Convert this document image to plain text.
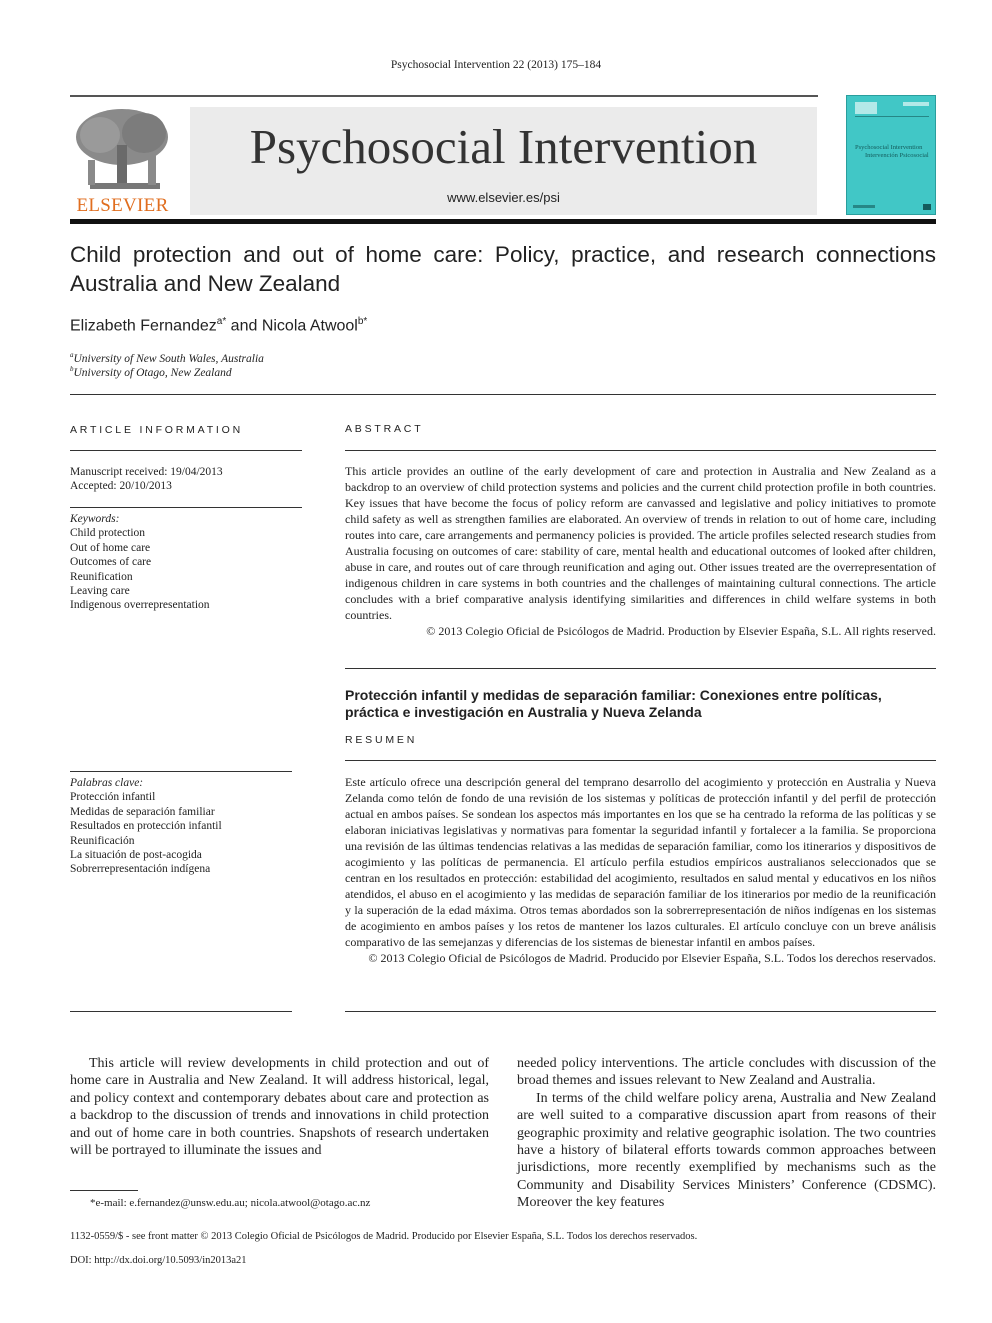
Psychosocial Intervention 22 (2013) 175–184
ELSEVIER
Psychosocial Intervention
www.elsevier.es/psi
Psychosocial Intervention
Intervención Psicosocial
Child protection and out of home care: Policy, practice, and research connections Australia and New Zealand
Elizabeth Fernandez$^{a*}$ and Nicola Atwool$^{b*}$
$^a$University of New South Wales, Australia
$^b$University of Otago, New Zealand
ARTICLE INFORMATION
Manuscript received: 19/04/2013
Accepted: 20/10/2013
Keywords:
Child protection
Out of home care
Outcomes of care
Reunification
Leaving care
Indigenous overrepresentation
Palabras clave:
Protección infantil
Medidas de separación familiar
Resultados en protección infantil
Reunificación
La situación de post-acogida
Sobrerrepresentación indígena
ABSTRACT
This article provides an outline of the early development of care and protection in Australia and New Zealand as a backdrop to an overview of child protection systems and policies and the current child protection profile in both countries. Key issues that have become the focus of policy reform are canvassed and legislative and policy initiatives to promote child safety as well as strengthen families are elaborated. An overview of trends in relation to out of home care, including routes into care, care arrangements and permanency policies is provided. The article profiles selected research studies from Australia focusing on outcomes of care: stability of care, mental health and educational outcomes of looked after children, abuse in care, and routes out of care through reunification and aging out. Other issues treated are the overrepresentation of indigenous children in care systems in both countries and the challenges of maintaining cultural connections. The article concludes with a brief comparative analysis identifying similarities and differences in child welfare systems in both countries.
© 2013 Colegio Oficial de Psicólogos de Madrid. Production by Elsevier España, S.L. All rights reserved.
Protección infantil y medidas de separación familiar: Conexiones entre políticas, práctica e investigación en Australia y Nueva Zelanda
RESUMEN
Este artículo ofrece una descripción general del temprano desarrollo del acogimiento y protección en Australia y Nueva Zelanda como telón de fondo de una revisión de los sistemas y políticas de protección infantil y del perfil de protección actual en ambos países. Se sondean los aspectos más importantes en los que se ha centrado la reforma de las políticas y se elaboran iniciativas legislativas y normativas para fomentar la seguridad infantil y fortalecer a la familia. Se proporciona una revisión de las últimas tendencias relativas a las medidas de separación familiar, como los itinerarios y dispositivos de acogimiento y las políticas de permanencia. El artículo perfila estudios empíricos australianos seleccionados que se centran en los resultados en protección: estabilidad del acogimiento, resultados en salud mental y educativos en los niños atendidos, el abuso en el acogimiento y las medidas de separación familiar de los itinerarios por medio de la reunificación y la superación de la edad máxima. Otros temas abordados son la sobrerrepresentación de niños indígenas en los sistemas de acogimiento en ambos países y los retos de mantener los lazos culturales. El artículo concluye con un breve análisis comparativo de las semejanzas y diferencias de los sistemas de bienestar infantil en ambos países.
© 2013 Colegio Oficial de Psicólogos de Madrid. Producido por Elsevier España, S.L. Todos los derechos reservados.

This article will review developments in child protection and out of home care in Australia and New Zealand. It will address historical, legal, and policy context and contemporary debates about care and protection as a backdrop to the discussion of trends and innovations in child protection and out of home care in both countries. Snapshots of research undertaken will be portrayed to illuminate the issues and

needed policy interventions. The article concludes with discussion of the broad themes and issues relevant to New Zealand and Australia.

In terms of the child welfare policy arena, Australia and New Zealand are well suited to a comparative discussion apart from reasons of their geographic proximity and relative geographic isolation. The two countries have a history of bilateral efforts towards common approaches between jurisdictions, more recently exemplified by mechanisms such as the Community and Disability Services Ministers’ Conference (CDSMC). Moreover the key features

*e-mail: e.fernandez@unsw.edu.au; nicola.atwool@otago.ac.nz
1132-0559/$ - see front matter © 2013 Colegio Oficial de Psicólogos de Madrid. Producido por Elsevier España, S.L. Todos los derechos reservados.
DOI: http://dx.doi.org/10.5093/in2013a21
